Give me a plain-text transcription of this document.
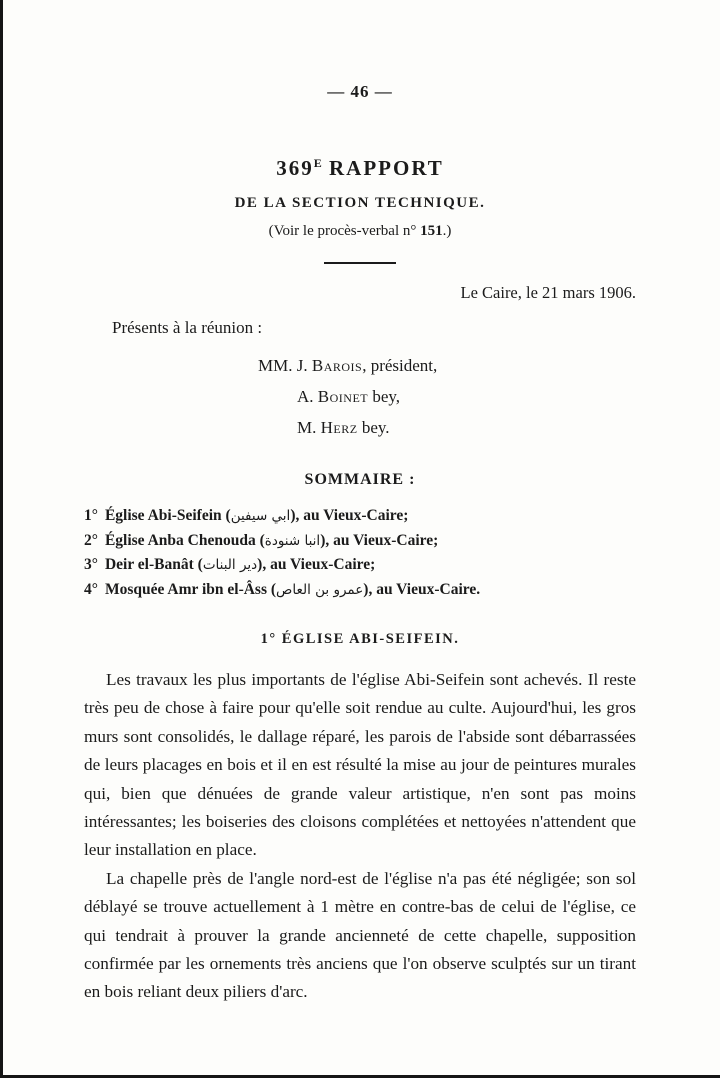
— 46 —
$369^E$ RAPPORT
DE LA SECTION TECHNIQUE.
(Voir le procès-verbal n° 151.)
Le Caire, le 21 mars 1906.
Présents à la réunion :
MM. J. Barois, président,
A. Boinet bey,
M. Herz bey.
SOMMAIRE :
1° Église Abi-Seifein (ابي سيفين), au Vieux-Caire;
2° Église Anba Chenouda (انبا شنودة), au Vieux-Caire;
3° Deir el-Banât (دير البنات), au Vieux-Caire;
4° Mosquée Amr ibn el-Âss (عمرو بن العاص), au Vieux-Caire.
1° ÉGLISE ABI-SEIFEIN.

Les travaux les plus importants de l'église Abi-Seifein sont achevés. Il reste très peu de chose à faire pour qu'elle soit rendue au culte. Aujourd'hui, les gros murs sont consolidés, le dallage réparé, les parois de l'abside sont débarrassées de leurs placages en bois et il en est résulté la mise au jour de peintures murales qui, bien que dénuées de grande valeur artistique, n'en sont pas moins intéressantes; les boiseries des cloisons complétées et nettoyées n'attendent que leur installation en place.

La chapelle près de l'angle nord-est de l'église n'a pas été négligée; son sol déblayé se trouve actuellement à 1 mètre en contre-bas de celui de l'église, ce qui tendrait à prouver la grande ancienneté de cette chapelle, supposition confirmée par les ornements très anciens que l'on observe sculptés sur un tirant en bois reliant deux piliers d'arc.
